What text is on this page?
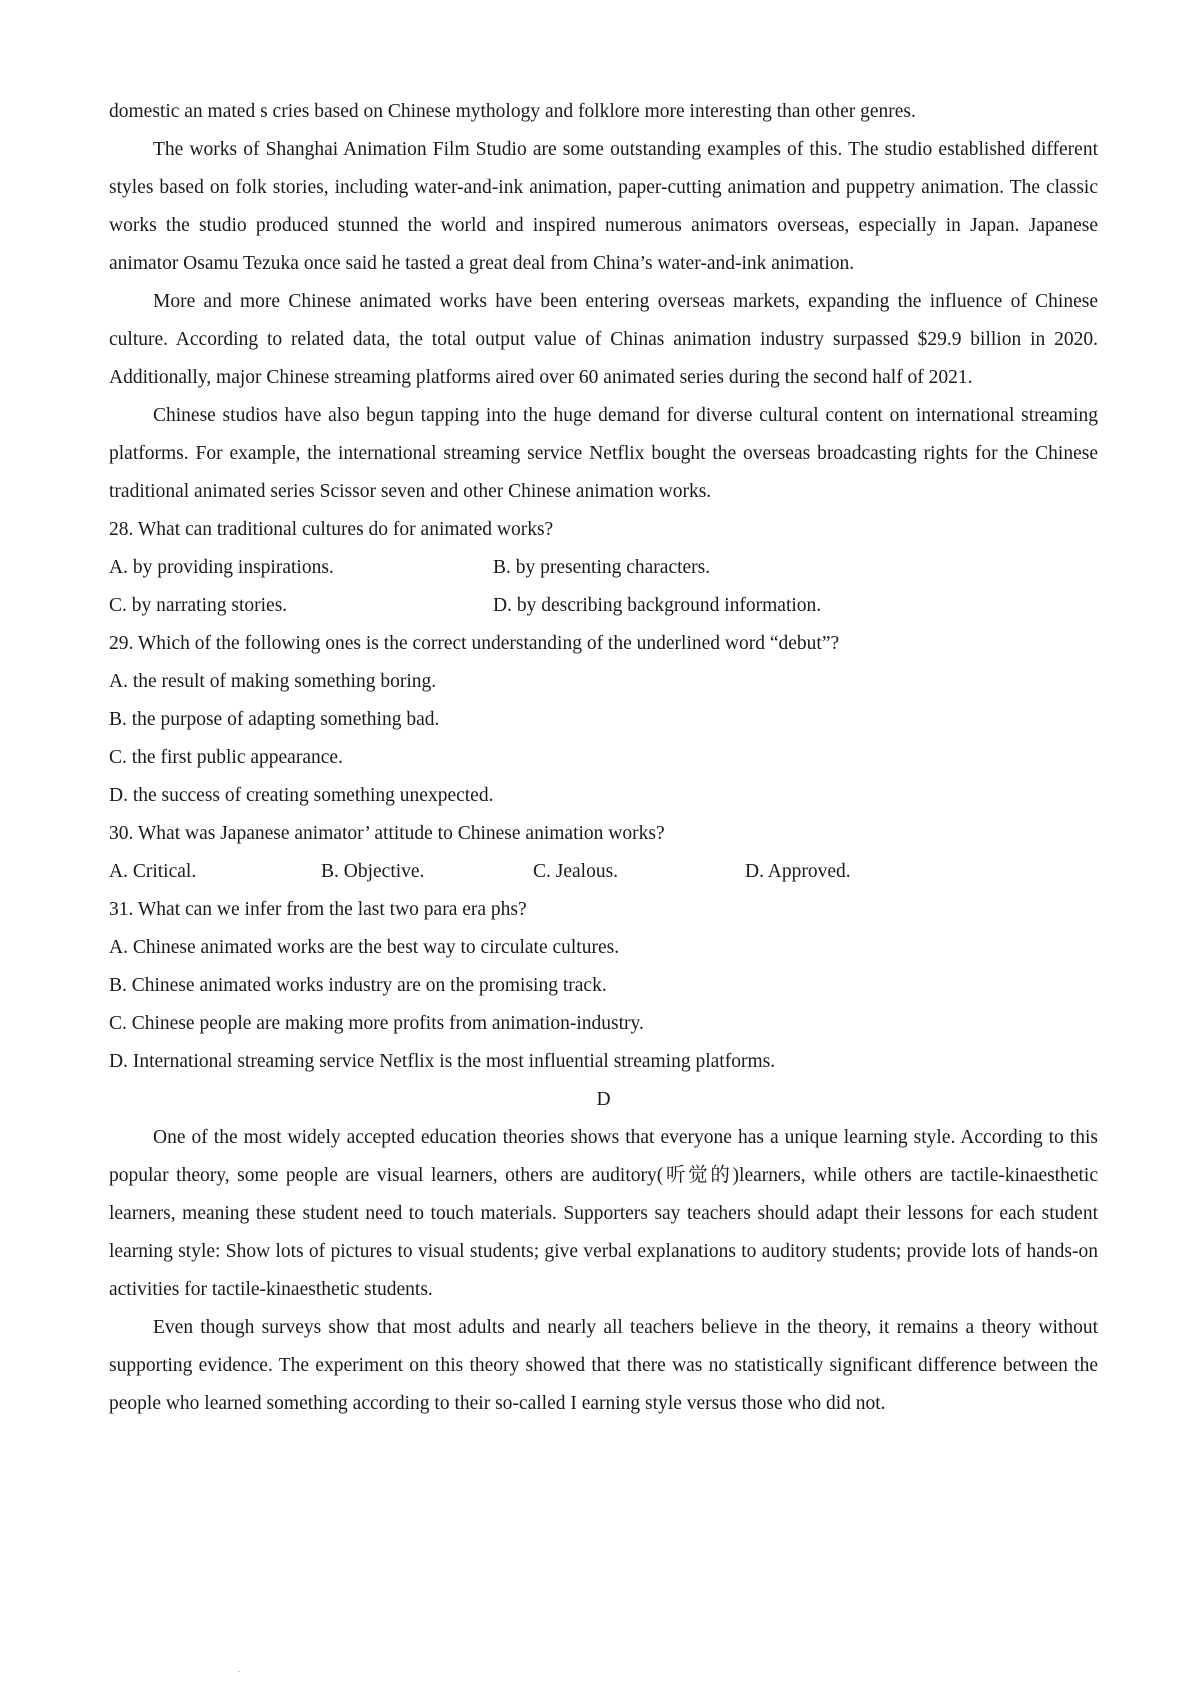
domestic an mated s cries based on Chinese mythology and folklore more interesting than other genres.

The works of Shanghai Animation Film Studio are some outstanding examples of this. The studio established different styles based on folk stories, including water-and-ink animation, paper-cutting animation and puppetry animation. The classic works the studio produced stunned the world and inspired numerous animators overseas, especially in Japan. Japanese animator Osamu Tezuka once said he tasted a great deal from China’s water-and-ink animation.

More and more Chinese animated works have been entering overseas markets, expanding the influence of Chinese culture. According to related data, the total output value of Chinas animation industry surpassed $29.9 billion in 2020. Additionally, major Chinese streaming platforms aired over 60 animated series during the second half of 2021.

Chinese studios have also begun tapping into the huge demand for diverse cultural content on international streaming platforms. For example, the international streaming service Netflix bought the overseas broadcasting rights for the Chinese traditional animated series Scissor seven and other Chinese animation works.

28. What can traditional cultures do for animated works?

A. by providing inspirations.	B. by presenting characters.
C. by narrating stories.	D. by describing background information.

29. Which of the following ones is the correct understanding of the underlined word “debut”?

A. the result of making something boring.

B. the purpose of adapting something bad.

C. the first public appearance.

D. the success of creating something unexpected.

30. What was Japanese animator’ attitude to Chinese animation works?

A. Critical.	B. Objective.	C. Jealous.	D. Approved.

31. What can we infer from the last two para era phs?

A. Chinese animated works are the best way to circulate cultures.

B. Chinese animated works industry are on the promising track.

C. Chinese people are making more profits from animation-industry.

D. International streaming service Netflix is the most influential streaming platforms.

D

One of the most widely accepted education theories shows that everyone has a unique learning style. According to this popular theory, some people are visual learners, others are auditory(听觉的)learners, while others are tactile-kinaesthetic learners, meaning these student need to touch materials. Supporters say teachers should adapt their lessons for each student learning style: Show lots of pictures to visual students; give verbal explanations to auditory students; provide lots of hands-on activities for tactile-kinaesthetic students.

Even though surveys show that most adults and nearly all teachers believe in the theory, it remains a theory without supporting evidence. The experiment on this theory showed that there was no statistically significant difference between the people who learned something according to their so-called I earning style versus those who did not.
